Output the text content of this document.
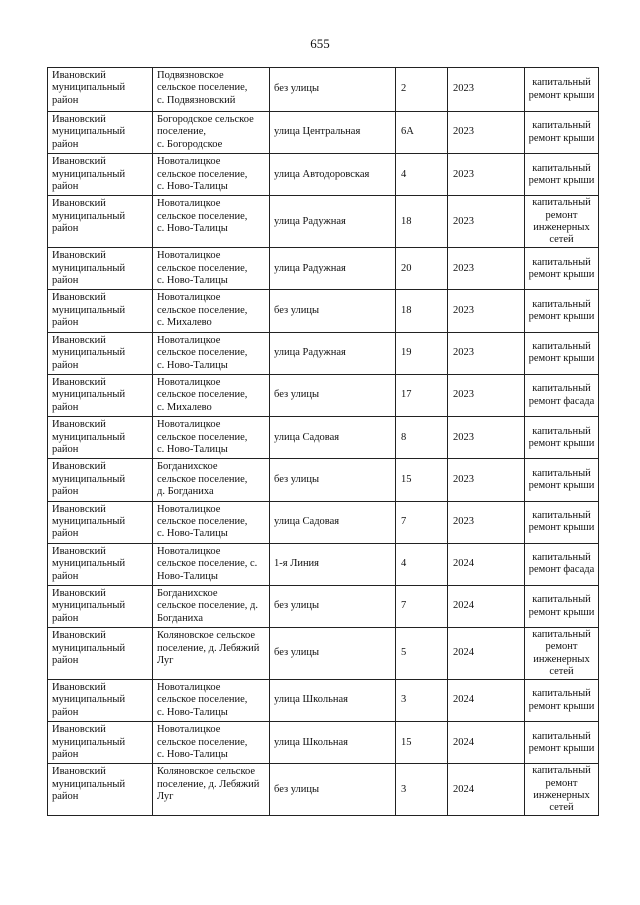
655
Ивановский
муниципальный
район	Подвязновское
сельское поселение,
с. Подвязновский	без улицы	2	2023	капитальный
ремонт крыши

Ивановский
муниципальный
район	Богородское сельское
поселение,
с. Богородское	улица Центральная	6А	2023	капитальный
ремонт крыши

Ивановский
муниципальный
район	Новоталицкое
сельское поселение,
с. Ново-Талицы	улица Автодоровская	4	2023	капитальный
ремонт крыши

Ивановский
муниципальный
район	Новоталицкое
сельское поселение,
с. Ново-Талицы	улица Радужная	18	2023	капитальный
ремонт
инженерных
сетей

Ивановский
муниципальный
район	Новоталицкое
сельское поселение,
с. Ново-Талицы	улица Радужная	20	2023	капитальный
ремонт крыши

Ивановский
муниципальный
район	Новоталицкое
сельское поселение,
с. Михалево	без улицы	18	2023	капитальный
ремонт крыши

Ивановский
муниципальный
район	Новоталицкое
сельское поселение,
с. Ново-Талицы	улица Радужная	19	2023	капитальный
ремонт крыши

Ивановский
муниципальный
район	Новоталицкое
сельское поселение,
с. Михалево	без улицы	17	2023	капитальный
ремонт фасада

Ивановский
муниципальный
район	Новоталицкое
сельское поселение,
с. Ново-Талицы	улица Садовая	8	2023	капитальный
ремонт крыши

Ивановский
муниципальный
район	Богданихское
сельское поселение,
д. Богданиха	без улицы	15	2023	капитальный
ремонт крыши

Ивановский
муниципальный
район	Новоталицкое
сельское поселение,
с. Ново-Талицы	улица Садовая	7	2023	капитальный
ремонт крыши

Ивановский
муниципальный
район	Новоталицкое
сельское поселение, с.
Ново-Талицы	1-я Линия	4	2024	капитальный
ремонт фасада

Ивановский
муниципальный
район	Богданихское
сельское поселение, д.
Богданиха	без улицы	7	2024	капитальный
ремонт крыши

Ивановский
муниципальный
район	Коляновское сельское
поселение, д. Лебяжий
Луг	без улицы	5	2024	капитальный
ремонт
инженерных
сетей

Ивановский
муниципальный
район	Новоталицкое
сельское поселение,
с. Ново-Талицы	улица Школьная	3	2024	капитальный
ремонт крыши

Ивановский
муниципальный
район	Новоталицкое
сельское поселение,
с. Ново-Талицы	улица Школьная	15	2024	капитальный
ремонт крыши

Ивановский
муниципальный
район	Коляновское сельское
поселение, д. Лебяжий
Луг	без улицы	3	2024	капитальный
ремонт
инженерных
сетей
